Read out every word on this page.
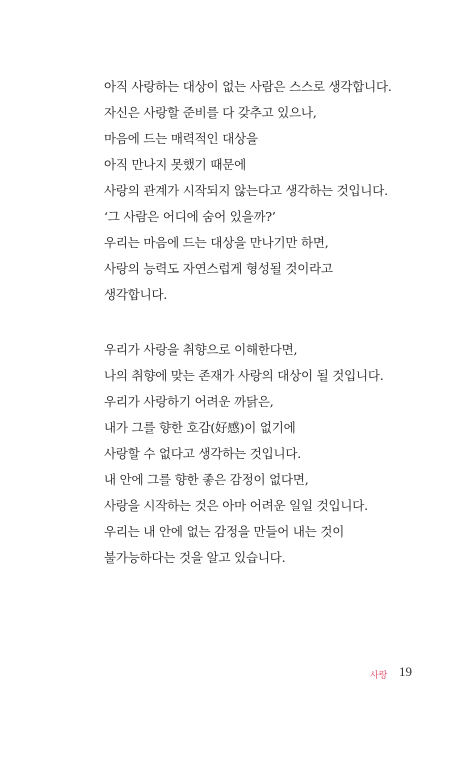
아직 사랑하는 대상이 없는 사람은 스스로 생각합니다.
자신은 사랑할 준비를 다 갖추고 있으나,
마음에 드는 매력적인 대상을
아직 만나지 못했기 때문에
사랑의 관계가 시작되지 않는다고 생각하는 것입니다.
‘그 사람은 어디에 숨어 있을까?’
우리는 마음에 드는 대상을 만나기만 하면,
사랑의 능력도 자연스럽게 형성될 것이라고
생각합니다.
우리가 사랑을 취향으로 이해한다면,
나의 취향에 맞는 존재가 사랑의 대상이 될 것입니다.
우리가 사랑하기 어려운 까닭은,
내가 그를 향한 호감(好感)이 없기에
사랑할 수 없다고 생각하는 것입니다.
내 안에 그를 향한 좋은 감정이 없다면,
사랑을 시작하는 것은 아마 어려운 일일 것입니다.
우리는 내 안에 없는 감정을 만들어 내는 것이
불가능하다는 것을 알고 있습니다.
사랑 19
